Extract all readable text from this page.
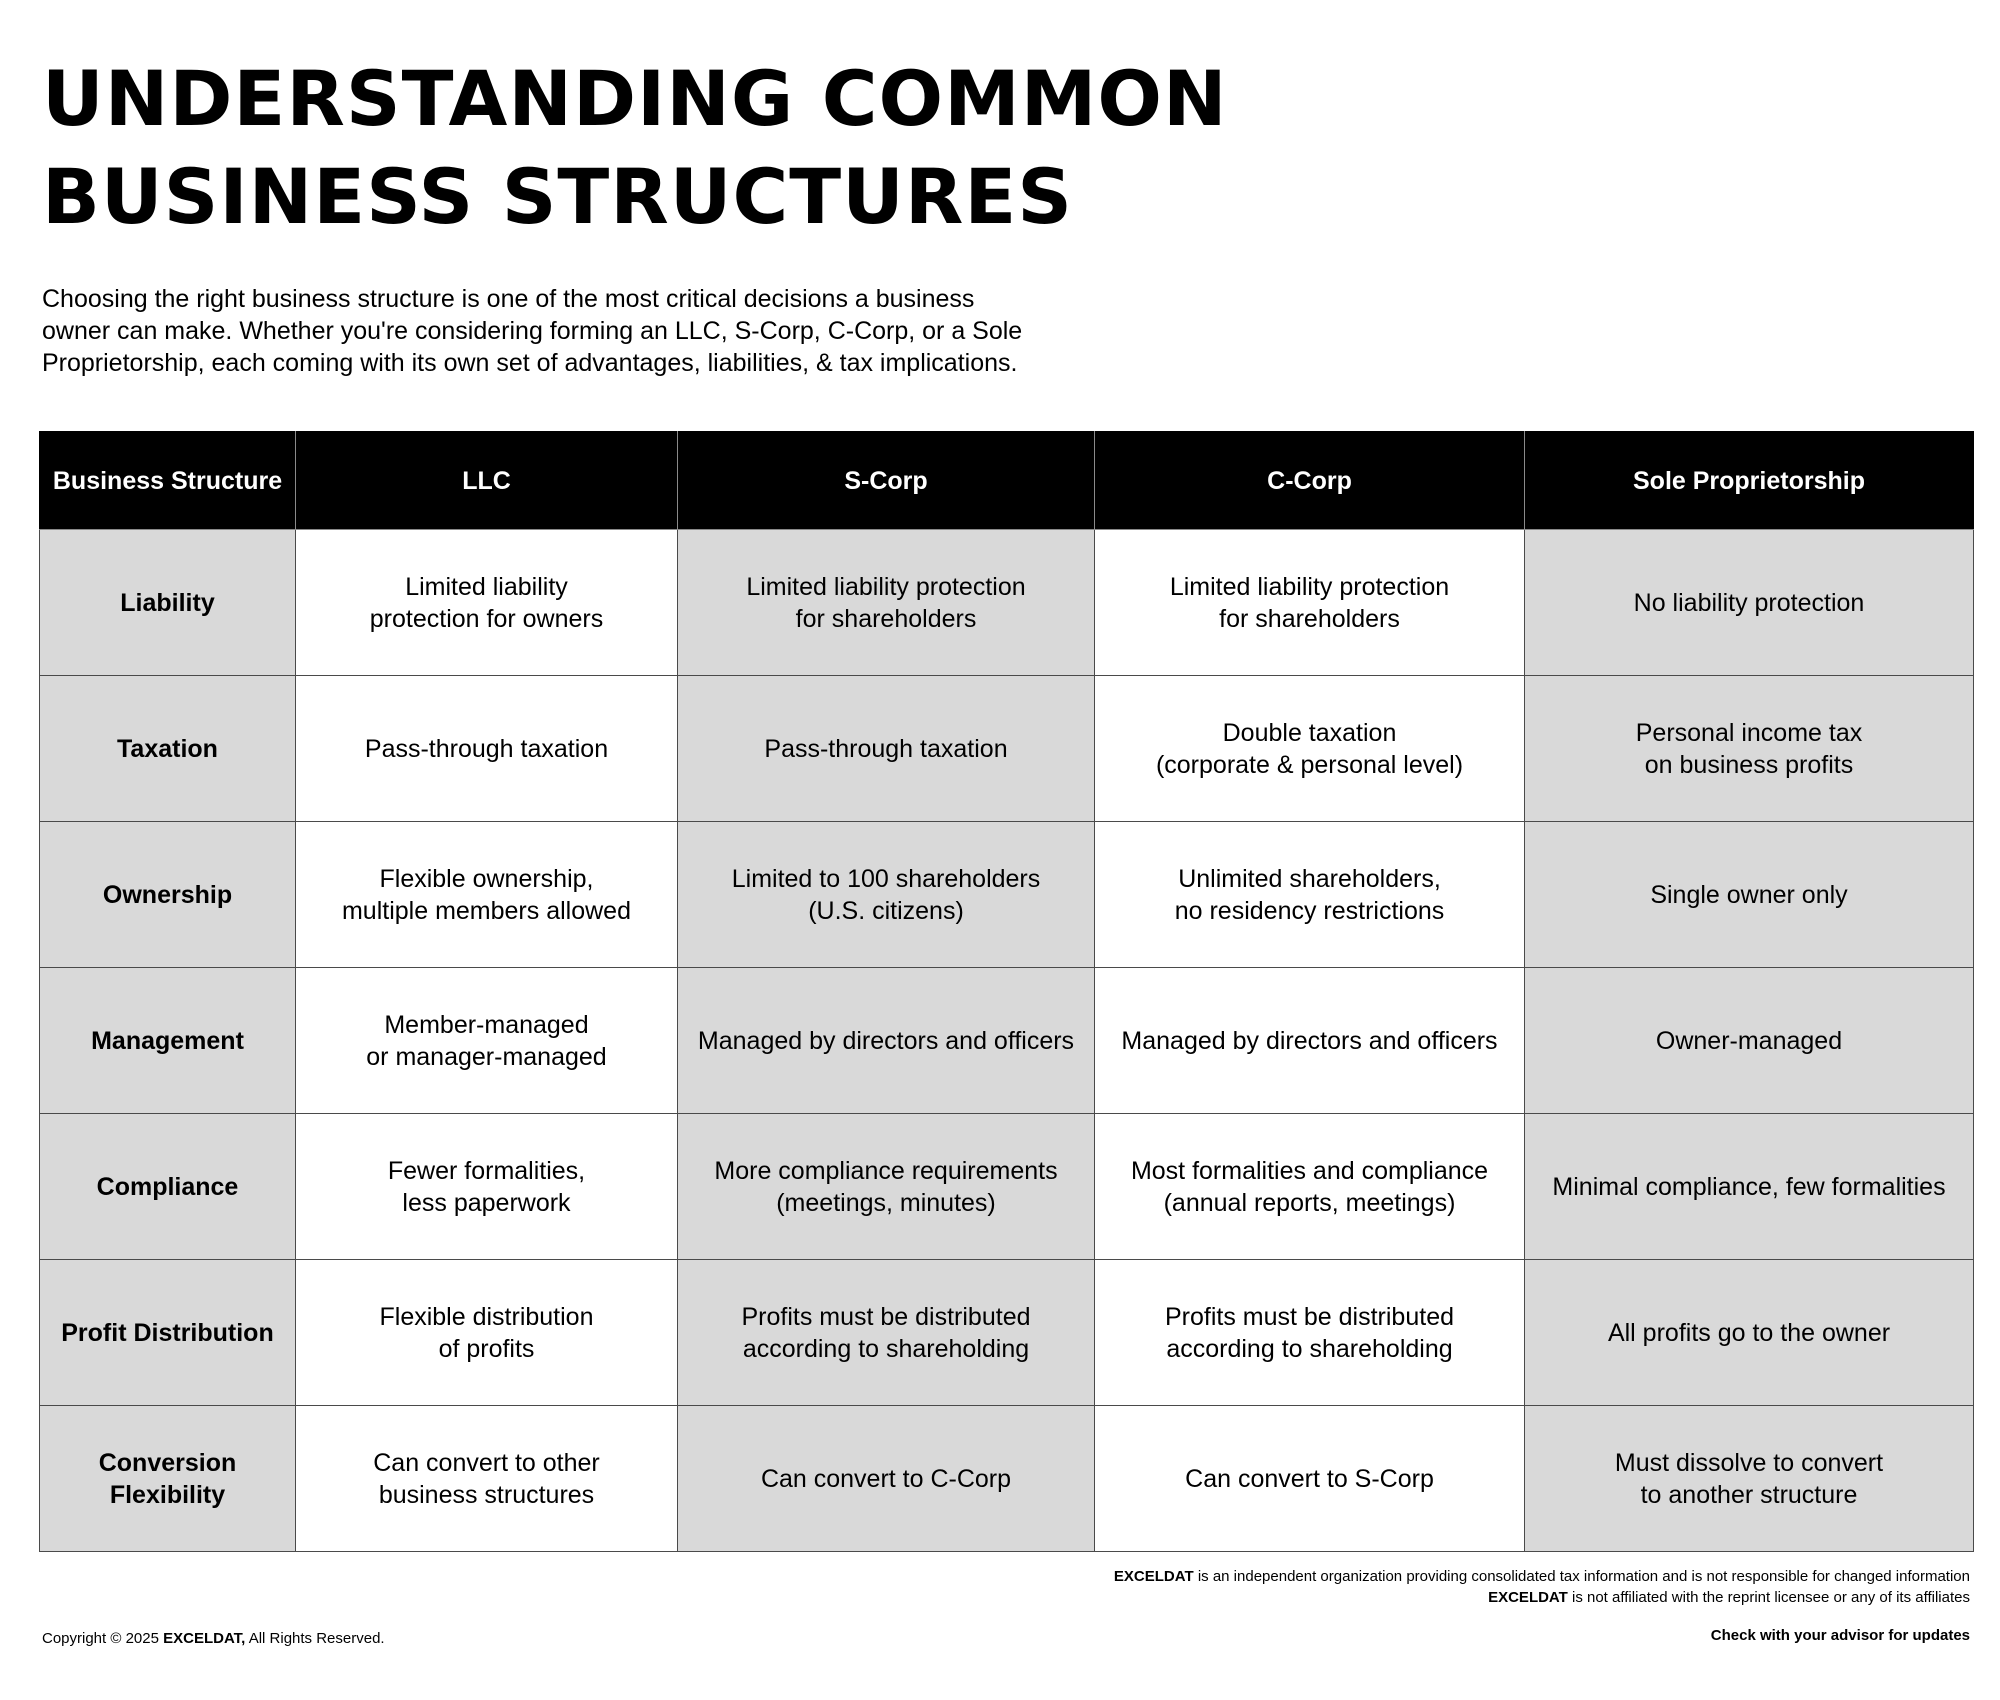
UNDERSTANDING COMMON
BUSINESS STRUCTURES

Choosing the right business structure is one of the most critical decisions a business
owner can make. Whether you're considering forming an LLC, S-Corp, C-Corp, or a Sole
Proprietorship, each coming with its own set of advantages, liabilities, & tax implications.

Business Structure	LLC	S-Corp	C-Corp	Sole Proprietorship
Liability	Limited liability
protection for owners	Limited liability protection
for shareholders	Limited liability protection
for shareholders	No liability protection

Taxation	Pass-through taxation	Pass-through taxation	Double taxation
(corporate & personal level)	Personal income tax
on business profits

Ownership	Flexible ownership,
multiple members allowed	Limited to 100 shareholders
(U.S. citizens)	Unlimited shareholders,
no residency restrictions	Single owner only

Management	Member-managed
or manager-managed	Managed by directors and officers	Managed by directors and officers	Owner-managed

Compliance	Fewer formalities,
less paperwork	More compliance requirements
(meetings, minutes)	Most formalities and compliance
(annual reports, meetings)	Minimal compliance, few formalities

Profit Distribution	Flexible distribution
of profits	Profits must be distributed
according to shareholding	Profits must be distributed
according to shareholding	All profits go to the owner

Conversion Flexibility	Can convert to other
business structures	Can convert to C-Corp	Can convert to S-Corp	Must dissolve to convert
to another structure
EXCELDAT is an independent organization providing consolidated tax information and is not responsible for changed information
EXCELDAT is not affiliated with the reprint licensee or any of its affiliates
Copyright © 2025 EXCELDAT, All Rights Reserved.	Check with your advisor for updates
